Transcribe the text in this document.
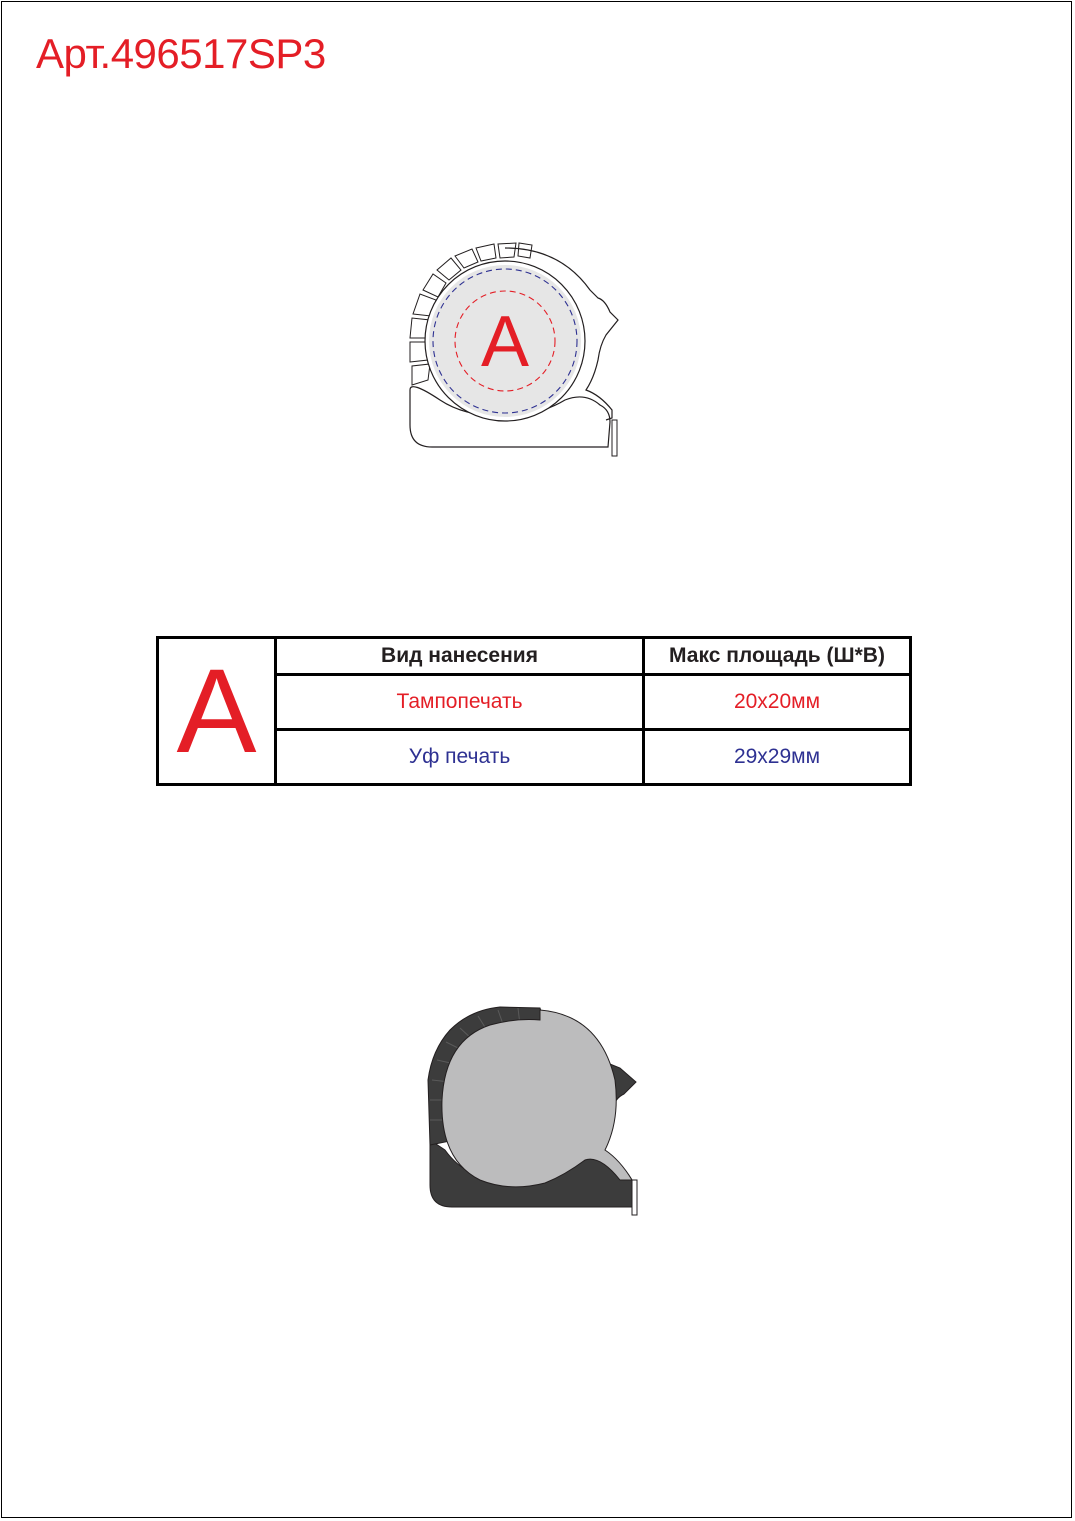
Арт.496517SP3
A
A	Вид нанесения	Макс площадь (Ш*В)
	Тампопечать	20x20мм
	Уф печать	29x29мм
